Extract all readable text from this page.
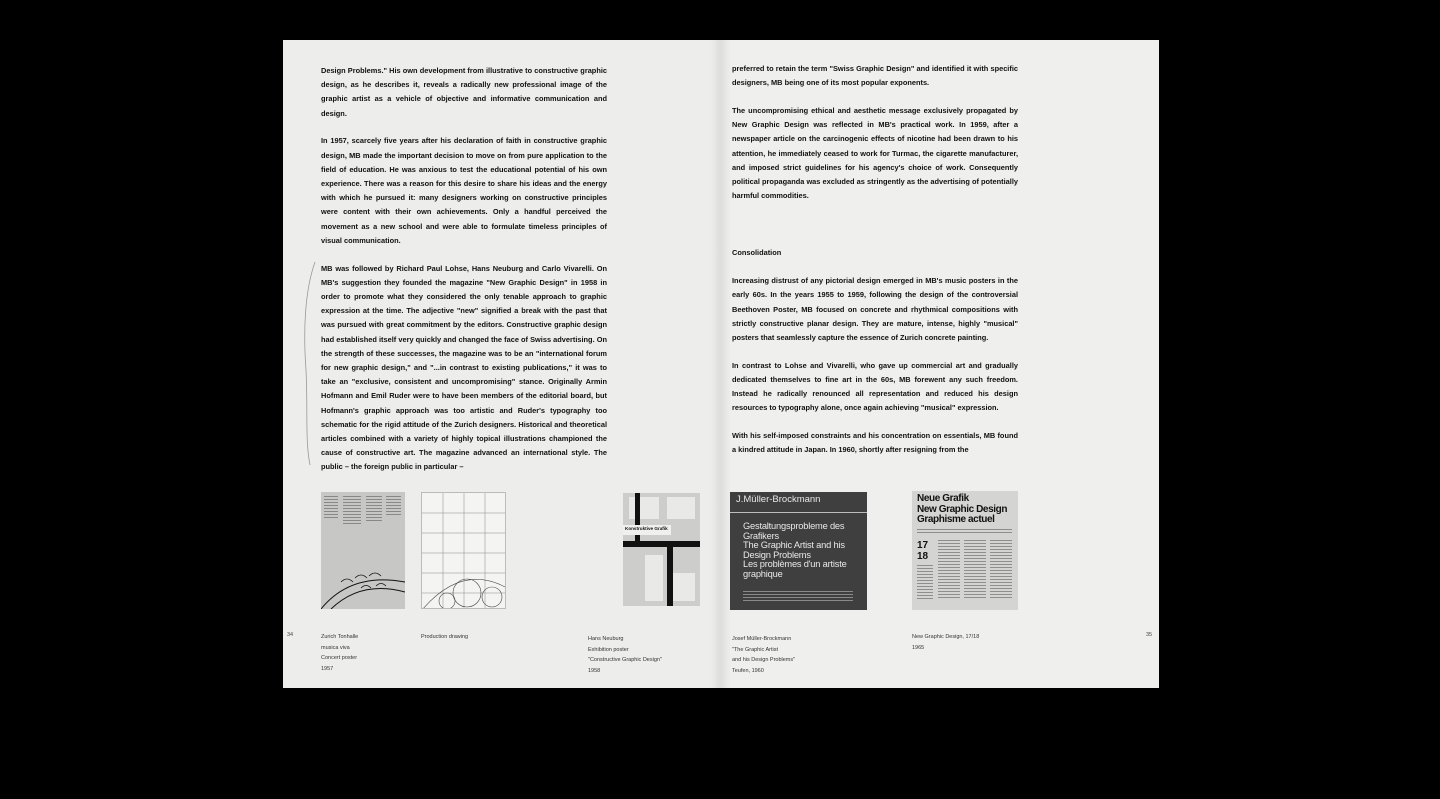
Design Problems." His own development from illustrative to constructive graphic design, as he describes it, reveals a radically new professional image of the graphic artist as a vehicle of objective and informative communication and design.

In 1957, scarcely five years after his declaration of faith in constructive graphic design, MB made the important decision to move on from pure application to the field of education. He was anxious to test the educational potential of his own experience. There was a reason for this desire to share his ideas and the energy with which he pursued it: many designers working on constructive principles were content with their own achievements. Only a handful perceived the movement as a new school and were able to formulate timeless principles of visual communication.

MB was followed by Richard Paul Lohse, Hans Neuburg and Carlo Vivarelli. On MB's suggestion they founded the magazine "New Graphic Design" in 1958 in order to promote what they considered the only tenable approach to graphic expression at the time. The adjective "new" signified a break with the past that was pursued with great commitment by the editors. Constructive graphic design had established itself very quickly and changed the face of Swiss advertising. On the strength of these successes, the magazine was to be an "international forum for new graphic design," and "...in contrast to existing publications," it was to take an "exclusive, consistent and uncompromising" stance. Originally Armin Hofmann and Emil Ruder were to have been members of the editorial board, but Hofmann's graphic approach was too artistic and Ruder's typography too schematic for the rigid attitude of the Zurich designers. Historical and theoretical articles combined with a variety of highly topical illustrations championed the cause of constructive art. The magazine advanced an international style. The public – the foreign public in particular –

Konstruktive Grafik
34	Zurich Tonhalle
musica viva
Concert poster
1957
Production drawing	Hans Neuburg
Exhibition poster
"Constructive Graphic Design"
1958

preferred to retain the term "Swiss Graphic Design" and identified it with specific designers, MB being one of its most popular exponents.

The uncompromising ethical and aesthetic message exclusively propagated by New Graphic Design was reflected in MB's practical work. In 1959, after a newspaper article on the carcinogenic effects of nicotine had been drawn to his attention, he immediately ceased to work for Turmac, the cigarette manufacturer, and imposed strict guidelines for his agency's choice of work. Consequently political propaganda was excluded as stringently as the advertising of potentially harmful commodities.

Consolidation

Increasing distrust of any pictorial design emerged in MB's music posters in the early 60s. In the years 1955 to 1959, following the design of the controversial Beethoven Poster, MB focused on concrete and rhythmical compositions with strictly constructive planar design. They are mature, intense, highly "musical" posters that seamlessly capture the essence of Zurich concrete painting.

In contrast to Lohse and Vivarelli, who gave up commercial art and gradually dedicated themselves to fine art in the 60s, MB forewent any such freedom. Instead he radically renounced all representation and reduced his design resources to typography alone, once again achieving "musical" expression.

With his self-imposed constraints and his concentration on essentials, MB found a kindred attitude in Japan. In 1960, shortly after resigning from the

J.Müller-Brockmann
Gestaltungsprobleme des
Grafikers
The Graphic Artist and his
Design Problems
Les problèmes d'un artiste
graphique
Neue Grafik
New Graphic Design
Graphisme actuel
17
18
35
Josef Müller-Brockmann
"The Graphic Artist
and his Design Problems"
Teufen, 1960
New Graphic Design, 17/18
1965
